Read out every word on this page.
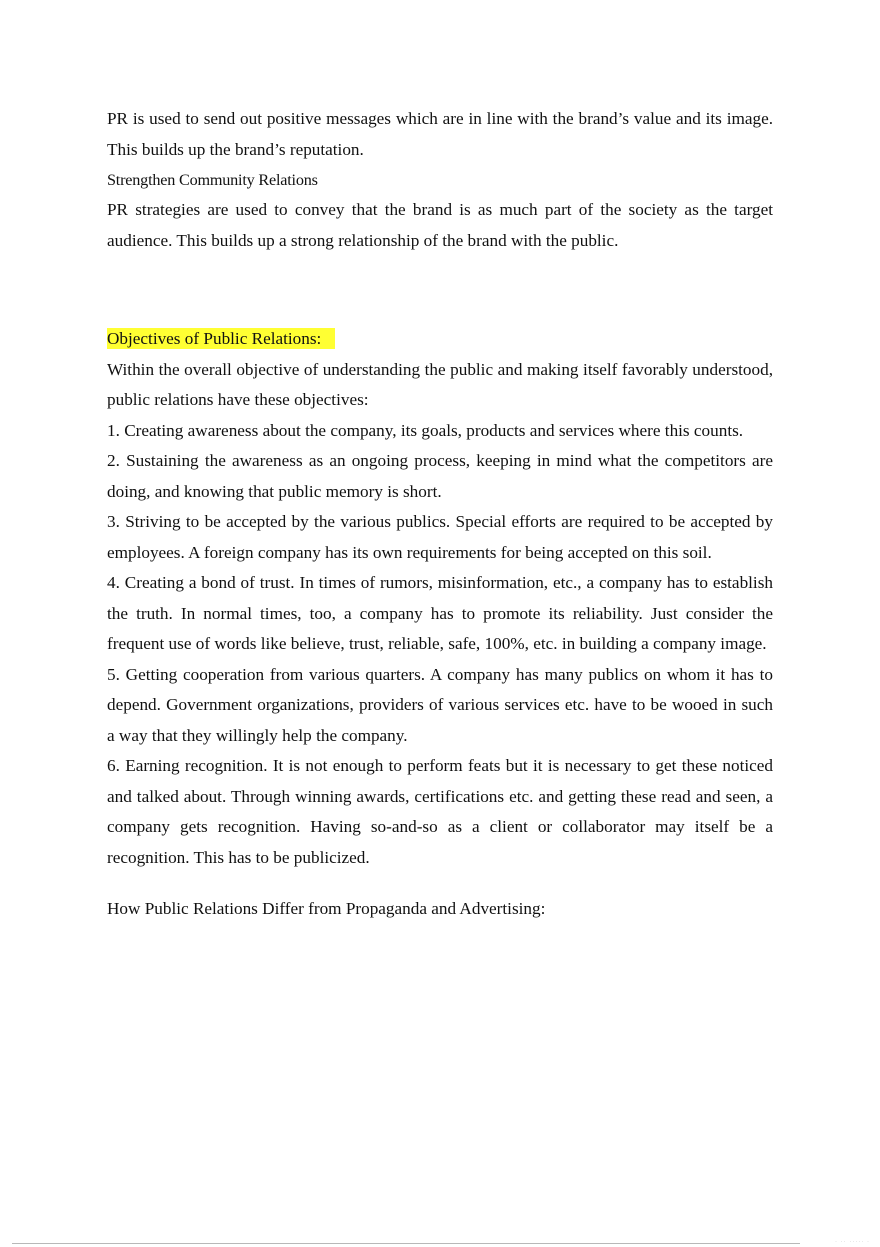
PR is used to send out positive messages which are in line with the brand’s value and its image. This builds up the brand’s reputation.

Strengthen Community Relations

PR strategies are used to convey that the brand is as much part of the society as the target audience. This builds up a strong relationship of the brand with the public.

Objectives of Public Relations:

Within the overall objective of understanding the public and making itself favorably understood, public relations have these objectives:

1. Creating awareness about the company, its goals, products and services where this counts.

2. Sustaining the awareness as an ongoing process, keeping in mind what the competitors are doing, and knowing that public memory is short.

3. Striving to be accepted by the various publics. Special efforts are required to be accepted by employees. A foreign company has its own requirements for being accepted on this soil.

4. Creating a bond of trust. In times of rumors, misinformation, etc., a company has to establish the truth. In normal times, too, a company has to promote its reliability. Just consider the frequent use of words like believe, trust, reliable, safe, 100%, etc. in building a company image.

5. Getting cooperation from various quarters. A company has many publics on whom it has to depend. Government organizations, providers of various services etc. have to be wooed in such a way that they willingly help the company.

6. Earning recognition. It is not enough to perform feats but it is necessary to get these noticed and talked about. Through winning awards, certifications etc. and getting these read and seen, a company gets recognition. Having so-and-so as a client or collaborator may itself be a recognition. This has to be publicized.

How Public Relations Differ from Propaganda and Advertising:

· ·· ····· ·
